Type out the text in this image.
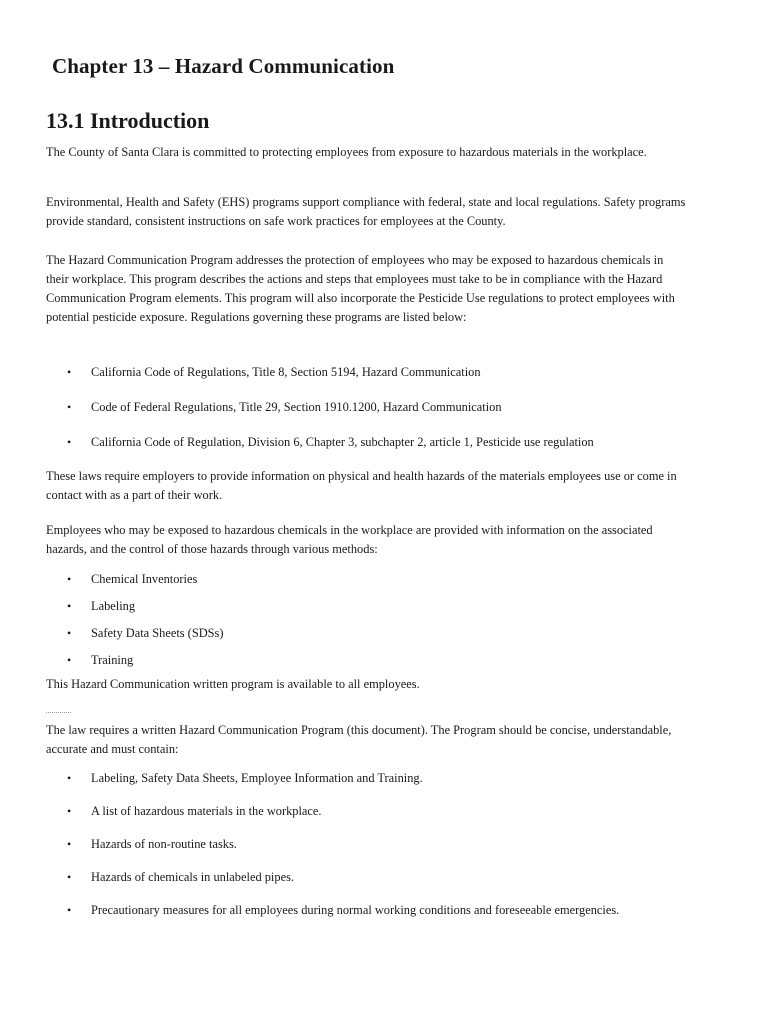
Chapter 13 – Hazard Communication
13.1 Introduction

The County of Santa Clara is committed to protecting employees from exposure to hazardous materials in the workplace.

Environmental, Health and Safety (EHS) programs support compliance with federal, state and local regulations. Safety programs provide standard, consistent instructions on safe work practices for employees at the County.

The Hazard Communication Program addresses the protection of employees who may be exposed to hazardous chemicals in their workplace. This program describes the actions and steps that employees must take to be in compliance with the Hazard Communication Program elements. This program will also incorporate the Pesticide Use regulations to protect employees with potential pesticide exposure. Regulations governing these programs are listed below:

• California Code of Regulations, Title 8, Section 5194, Hazard Communication
• Code of Federal Regulations, Title 29, Section 1910.1200, Hazard Communication
• California Code of Regulation, Division 6, Chapter 3, subchapter 2, article 1, Pesticide use regulation

These laws require employers to provide information on physical and health hazards of the materials employees use or come in contact with as a part of their work.

Employees who may be exposed to hazardous chemicals in the workplace are provided with information on the associated hazards, and the control of those hazards through various methods:

• Chemical Inventories
• Labeling
• Safety Data Sheets (SDSs)
• Training

This Hazard Communication written program is available to all employees.

The law requires a written Hazard Communication Program (this document). The Program should be concise, understandable, accurate and must contain:

• Labeling, Safety Data Sheets, Employee Information and Training.
• A list of hazardous materials in the workplace.
• Hazards of non-routine tasks.
• Hazards of chemicals in unlabeled pipes.
• Precautionary measures for all employees during normal working conditions and foreseeable emergencies.
